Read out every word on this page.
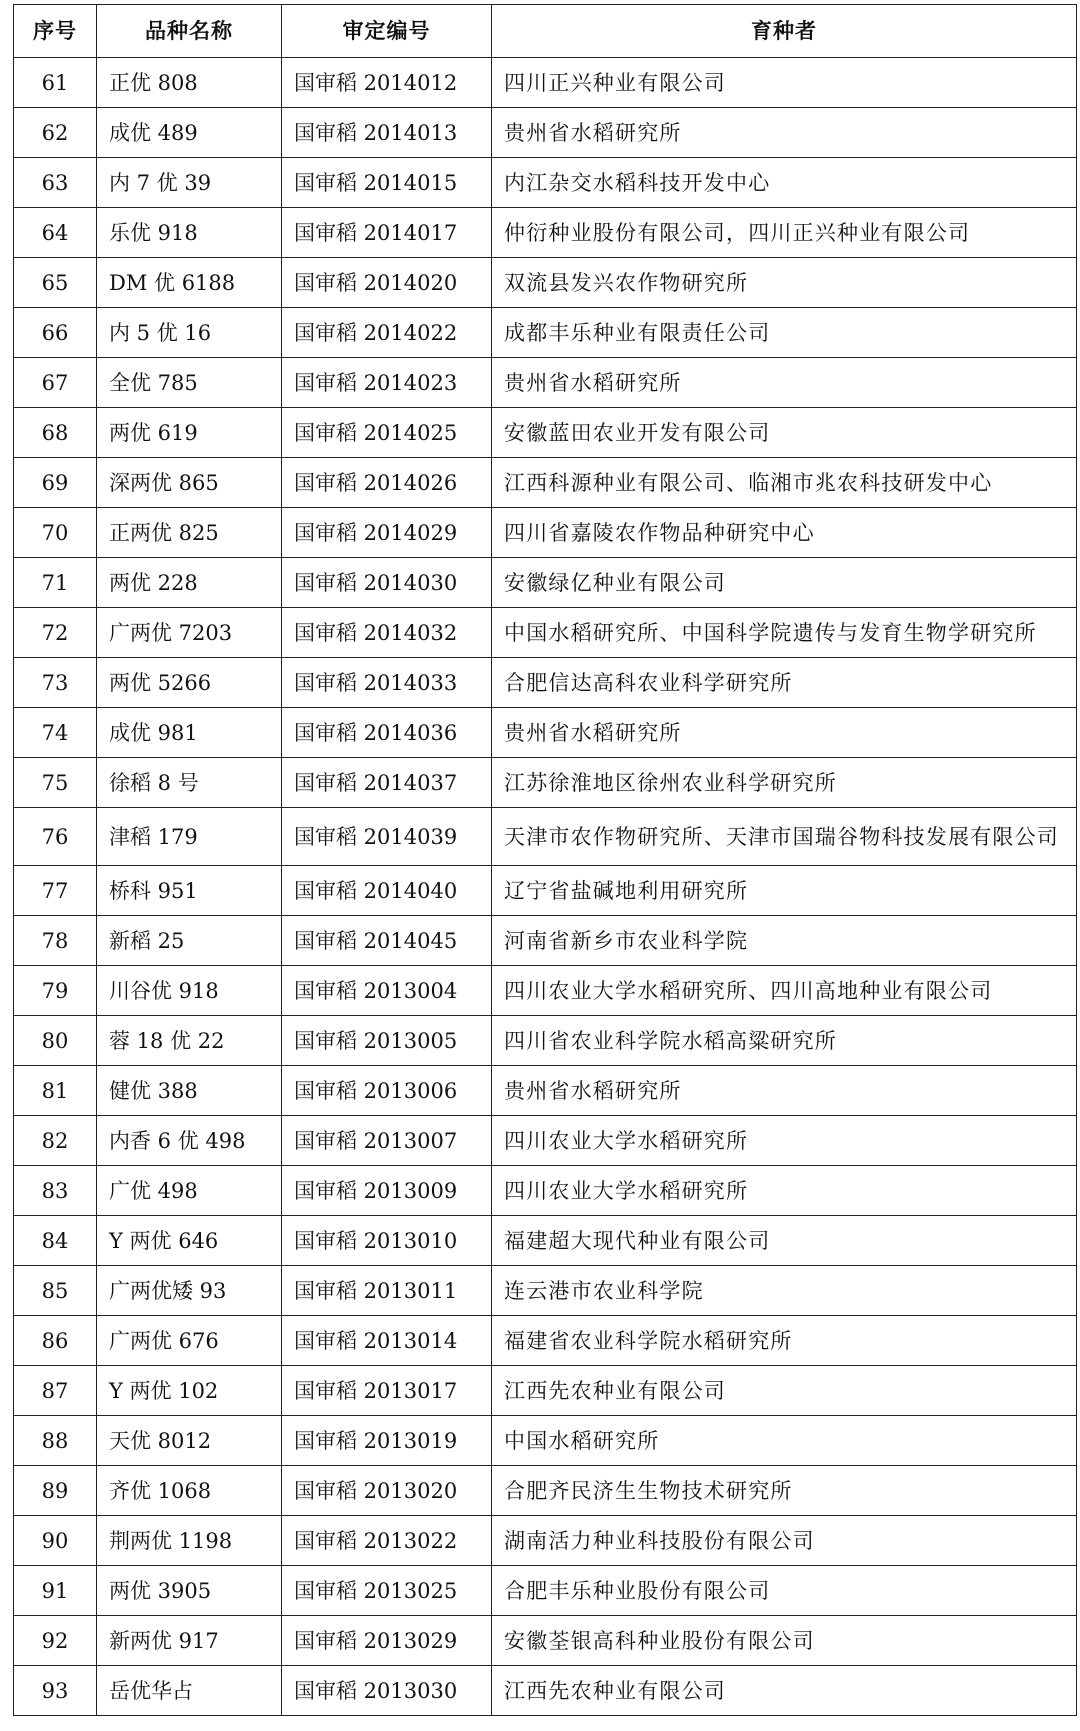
序号	品种名称	审定编号	育种者
61	正优 808	国审稻 2014012	四川正兴种业有限公司
62	成优 489	国审稻 2014013	贵州省水稻研究所
63	内 7 优 39	国审稻 2014015	内江杂交水稻科技开发中心
64	乐优 918	国审稻 2014017	仲衍种业股份有限公司，四川正兴种业有限公司
65	DM 优 6188	国审稻 2014020	双流县发兴农作物研究所
66	内 5 优 16	国审稻 2014022	成都丰乐种业有限责任公司
67	全优 785	国审稻 2014023	贵州省水稻研究所
68	两优 619	国审稻 2014025	安徽蓝田农业开发有限公司
69	深两优 865	国审稻 2014026	江西科源种业有限公司、临湘市兆农科技研发中心
70	正两优 825	国审稻 2014029	四川省嘉陵农作物品种研究中心
71	两优 228	国审稻 2014030	安徽绿亿种业有限公司
72	广两优 7203	国审稻 2014032	中国水稻研究所、中国科学院遗传与发育生物学研究所
73	两优 5266	国审稻 2014033	合肥信达高科农业科学研究所
74	成优 981	国审稻 2014036	贵州省水稻研究所
75	徐稻 8 号	国审稻 2014037	江苏徐淮地区徐州农业科学研究所
76	津稻 179	国审稻 2014039	天津市农作物研究所、天津市国瑞谷物科技发展有限公司
77	桥科 951	国审稻 2014040	辽宁省盐碱地利用研究所
78	新稻 25	国审稻 2014045	河南省新乡市农业科学院
79	川谷优 918	国审稻 2013004	四川农业大学水稻研究所、四川高地种业有限公司
80	蓉 18 优 22	国审稻 2013005	四川省农业科学院水稻高粱研究所
81	健优 388	国审稻 2013006	贵州省水稻研究所
82	内香 6 优 498	国审稻 2013007	四川农业大学水稻研究所
83	广优 498	国审稻 2013009	四川农业大学水稻研究所
84	Y 两优 646	国审稻 2013010	福建超大现代种业有限公司
85	广两优矮 93	国审稻 2013011	连云港市农业科学院
86	广两优 676	国审稻 2013014	福建省农业科学院水稻研究所
87	Y 两优 102	国审稻 2013017	江西先农种业有限公司
88	天优 8012	国审稻 2013019	中国水稻研究所
89	齐优 1068	国审稻 2013020	合肥齐民济生生物技术研究所
90	荆两优 1198	国审稻 2013022	湖南活力种业科技股份有限公司
91	两优 3905	国审稻 2013025	合肥丰乐种业股份有限公司
92	新两优 917	国审稻 2013029	安徽荃银高科种业股份有限公司
93	岳优华占	国审稻 2013030	江西先农种业有限公司
